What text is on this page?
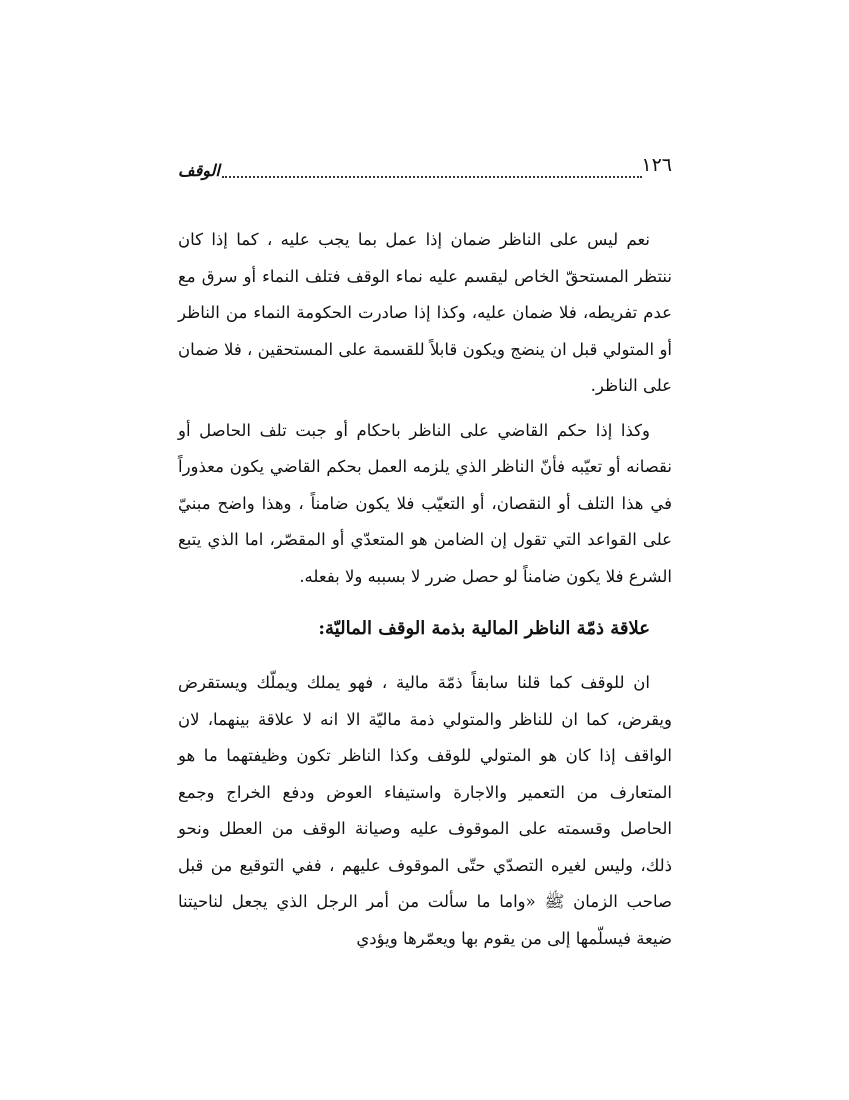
١٢٦
الوقف

نعم ليس على الناظر ضمان إذا عمل بما يجب عليه ، كما إذا كان ننتظر المستحقّ الخاص ليقسم عليه نماء الوقف فتلف النماء أو سرق مع عدم تفريطه، فلا ضمان عليه، وكذا إذا صادرت الحكومة النماء من الناظر أو المتولي قبل ان ينضج ويكون قابلاً للقسمة على المستحقين ، فلا ضمان على الناظر.

وكذا إذا حكم القاضي على الناظر باحكام أو جبت تلف الحاصل أو نقصانه أو تعيّبه فأنّ الناظر الذي يلزمه العمل بحكم القاضي يكون معذوراً في هذا التلف أو النقصان، أو التعيّب فلا يكون ضامناً ، وهذا واضح مبنيّ على القواعد التي تقول إن الضامن هو المتعدّي أو المقصّر، اما الذي يتبع الشرع فلا يكون ضامناً لو حصل ضرر لا بسببه ولا بفعله.

علاقة ذمّة الناظر المالية بذمة الوقف الماليّة:

ان للوقف كما قلنا سابقاً ذمّة مالية ، فهو يملك ويملّك ويستقرض ويقرض، كما ان للناظر والمتولي ذمة ماليّة الا انه لا علاقة بينهما، لان الواقف إذا كان هو المتولي للوقف وكذا الناظر تكون وظيفتهما ما هو المتعارف من التعمير والاجارة واستيفاء العوض ودفع الخراج وجمع الحاصل وقسمته على الموقوف عليه وصيانة الوقف من العطل ونحو ذلك، وليس لغيره التصدّي حتّى الموقوف عليهم ، ففي التوقيع من قبل صاحب الزمان ﷺ «واما ما سألت من أمر الرجل الذي يجعل لناحيتنا ضيعة فيسلّمها إلى من يقوم بها ويعمّرها ويؤدي
